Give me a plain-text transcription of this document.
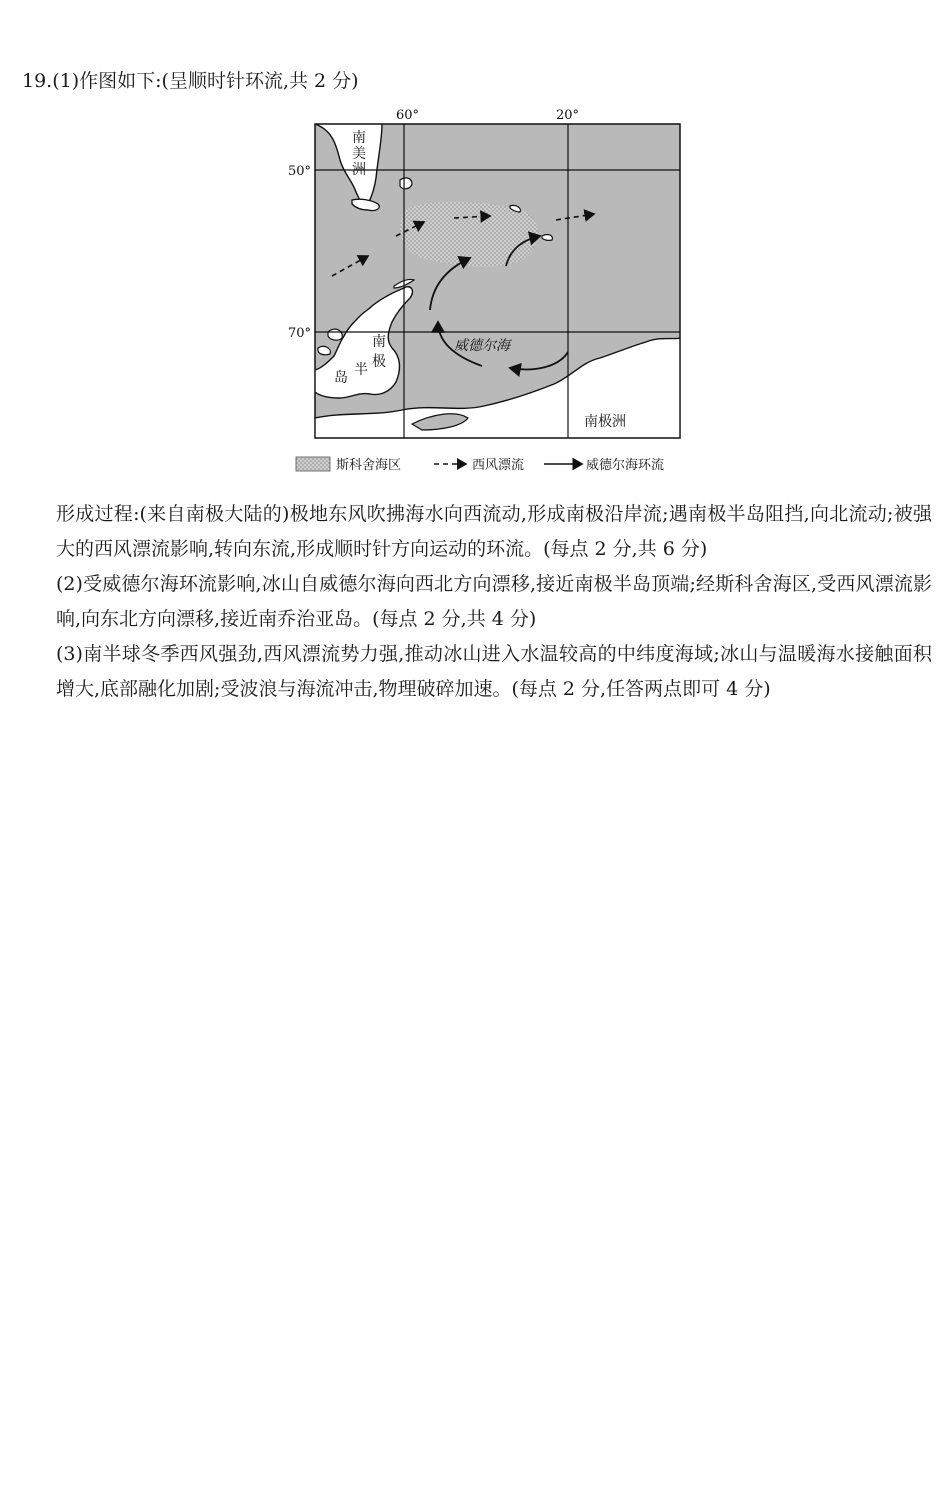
19.(1)作图如下:(呈顺时针环流,共 2 分)
60°	20°
50°
70°
南
美
洲
南
极
半
岛
威德尔海
南极洲
斯科舍海区	西风漂流	威德尔海环流

形成过程:(来自南极大陆的)极地东风吹拂海水向西流动,形成南极沿岸流;遇南极半岛阻挡,向北流动;被强大的西风漂流影响,转向东流,形成顺时针方向运动的环流。(每点 2 分,共 6 分)

(2)受威德尔海环流影响,冰山自威德尔海向西北方向漂移,接近南极半岛顶端;经斯科舍海区,受西风漂流影响,向东北方向漂移,接近南乔治亚岛。(每点 2 分,共 4 分)

(3)南半球冬季西风强劲,西风漂流势力强,推动冰山进入水温较高的中纬度海域;冰山与温暖海水接触面积增大,底部融化加剧;受波浪与海流冲击,物理破碎加速。(每点 2 分,任答两点即可 4 分)
